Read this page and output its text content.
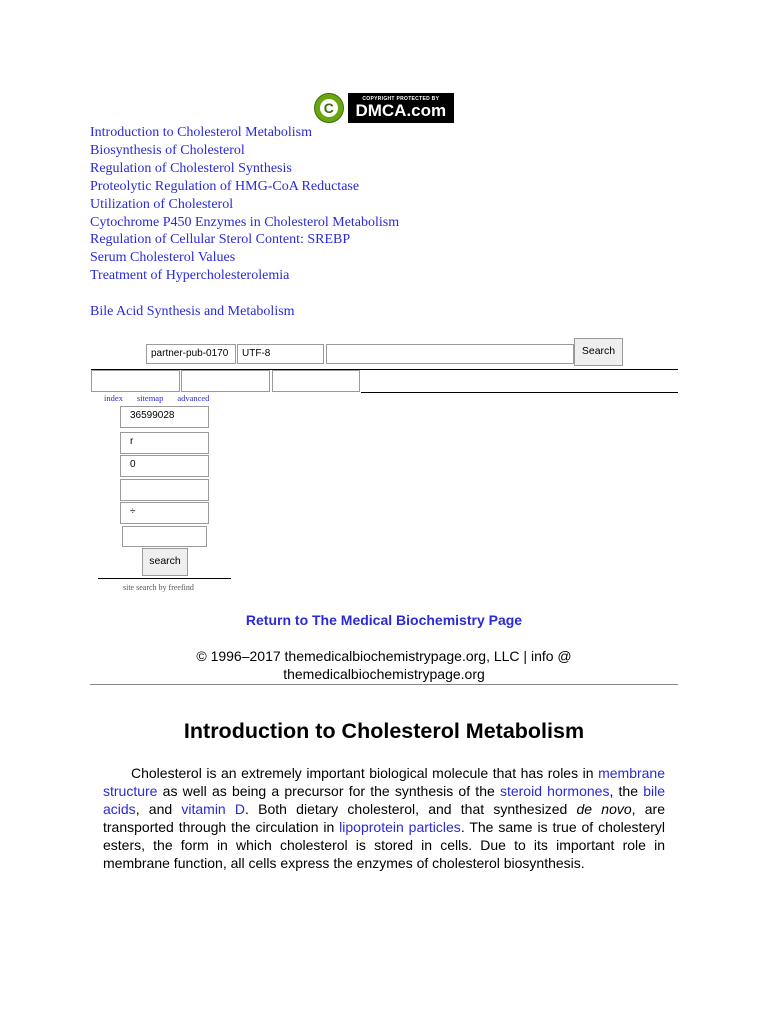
C
COPYRIGHT PROTECTED BY
DMCA.com
Introduction to Cholesterol Metabolism
Biosynthesis of Cholesterol
Regulation of Cholesterol Synthesis
Proteolytic Regulation of HMG-CoA Reductase
Utilization of Cholesterol
Cytochrome P450 Enzymes in Cholesterol Metabolism
Regulation of Cellular Sterol Content: SREBP
Serum Cholesterol Values
Treatment of Hypercholesterolemia
Bile Acid Synthesis and Metabolism
partner-pub-0170	UTF-8	Search
index sitemap advanced
36599028
r
0
÷
search
site search by freefind
Return to The Medical Biochemistry Page
© 1996–2017 themedicalbiochemistrypage.org, LLC | info @ themedicalbiochemistrypage.org
Introduction to Cholesterol Metabolism
Cholesterol is an extremely important biological molecule that has roles in membrane structure as well as being a precursor for the synthesis of the steroid hormones, the bile acids, and vitamin D. Both dietary cholesterol, and that synthesized de novo, are transported through the circulation in lipoprotein particles. The same is true of cholesteryl esters, the form in which cholesterol is stored in cells. Due to its important role in membrane function, all cells express the enzymes of cholesterol biosynthesis.
